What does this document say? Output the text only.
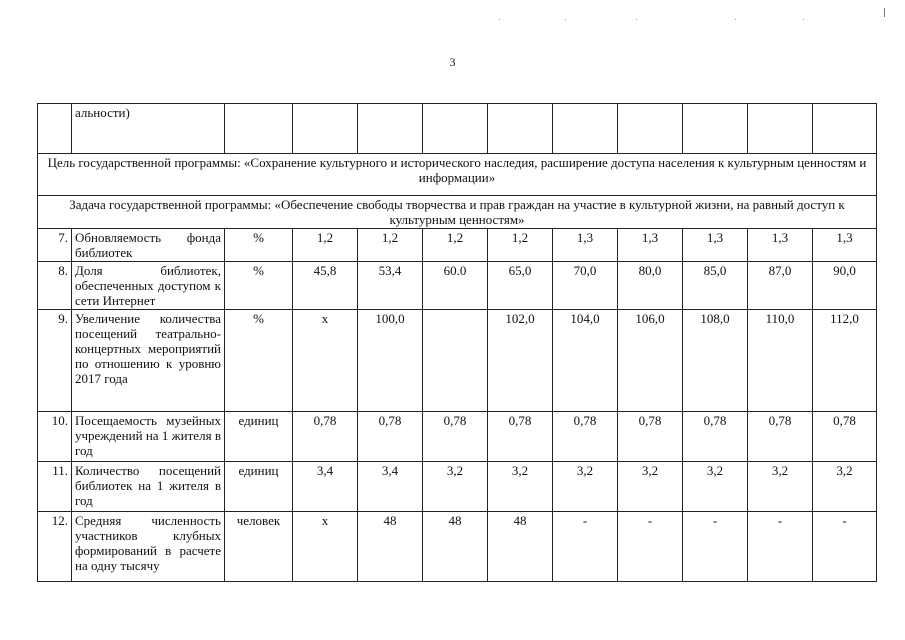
3
	альности)										
Цель государственной программы: «Сохранение культурного и исторического наследия, расширение доступа населения к культурным ценностям и информации»											
Задача государственной программы: «Обеспечение свободы творчества и прав граждан на участие в культурной жизни, на равный доступ к культурным ценностям»											
7.	Обновляемость фонда библиотек	%	1,2	1,2	1,2	1,2	1,3	1,3	1,3	1,3	1,3
8.	Доля библиотек, обеспеченных доступом к сети Интернет	%	45,8	53,4	60.0	65,0	70,0	80,0	85,0	87,0	90,0
9.	Увеличение количества посещений театрально-концертных мероприятий по отношению к уровню 2017 года	%	x	100,0		102,0	104,0	106,0	108,0	110,0	112,0
10.	Посещаемость музейных учреждений на 1 жителя в год	единиц	0,78	0,78	0,78	0,78	0,78	0,78	0,78	0,78	0,78
11.	Количество посещений библиотек на 1 жителя в год	единиц	3,4	3,4	3,2	3,2	3,2	3,2	3,2	3,2	3,2
12.	Средняя численность участников клубных формирований в расчете на одну тысячу	человек	x	48	48	48	-	-	-	-	-
